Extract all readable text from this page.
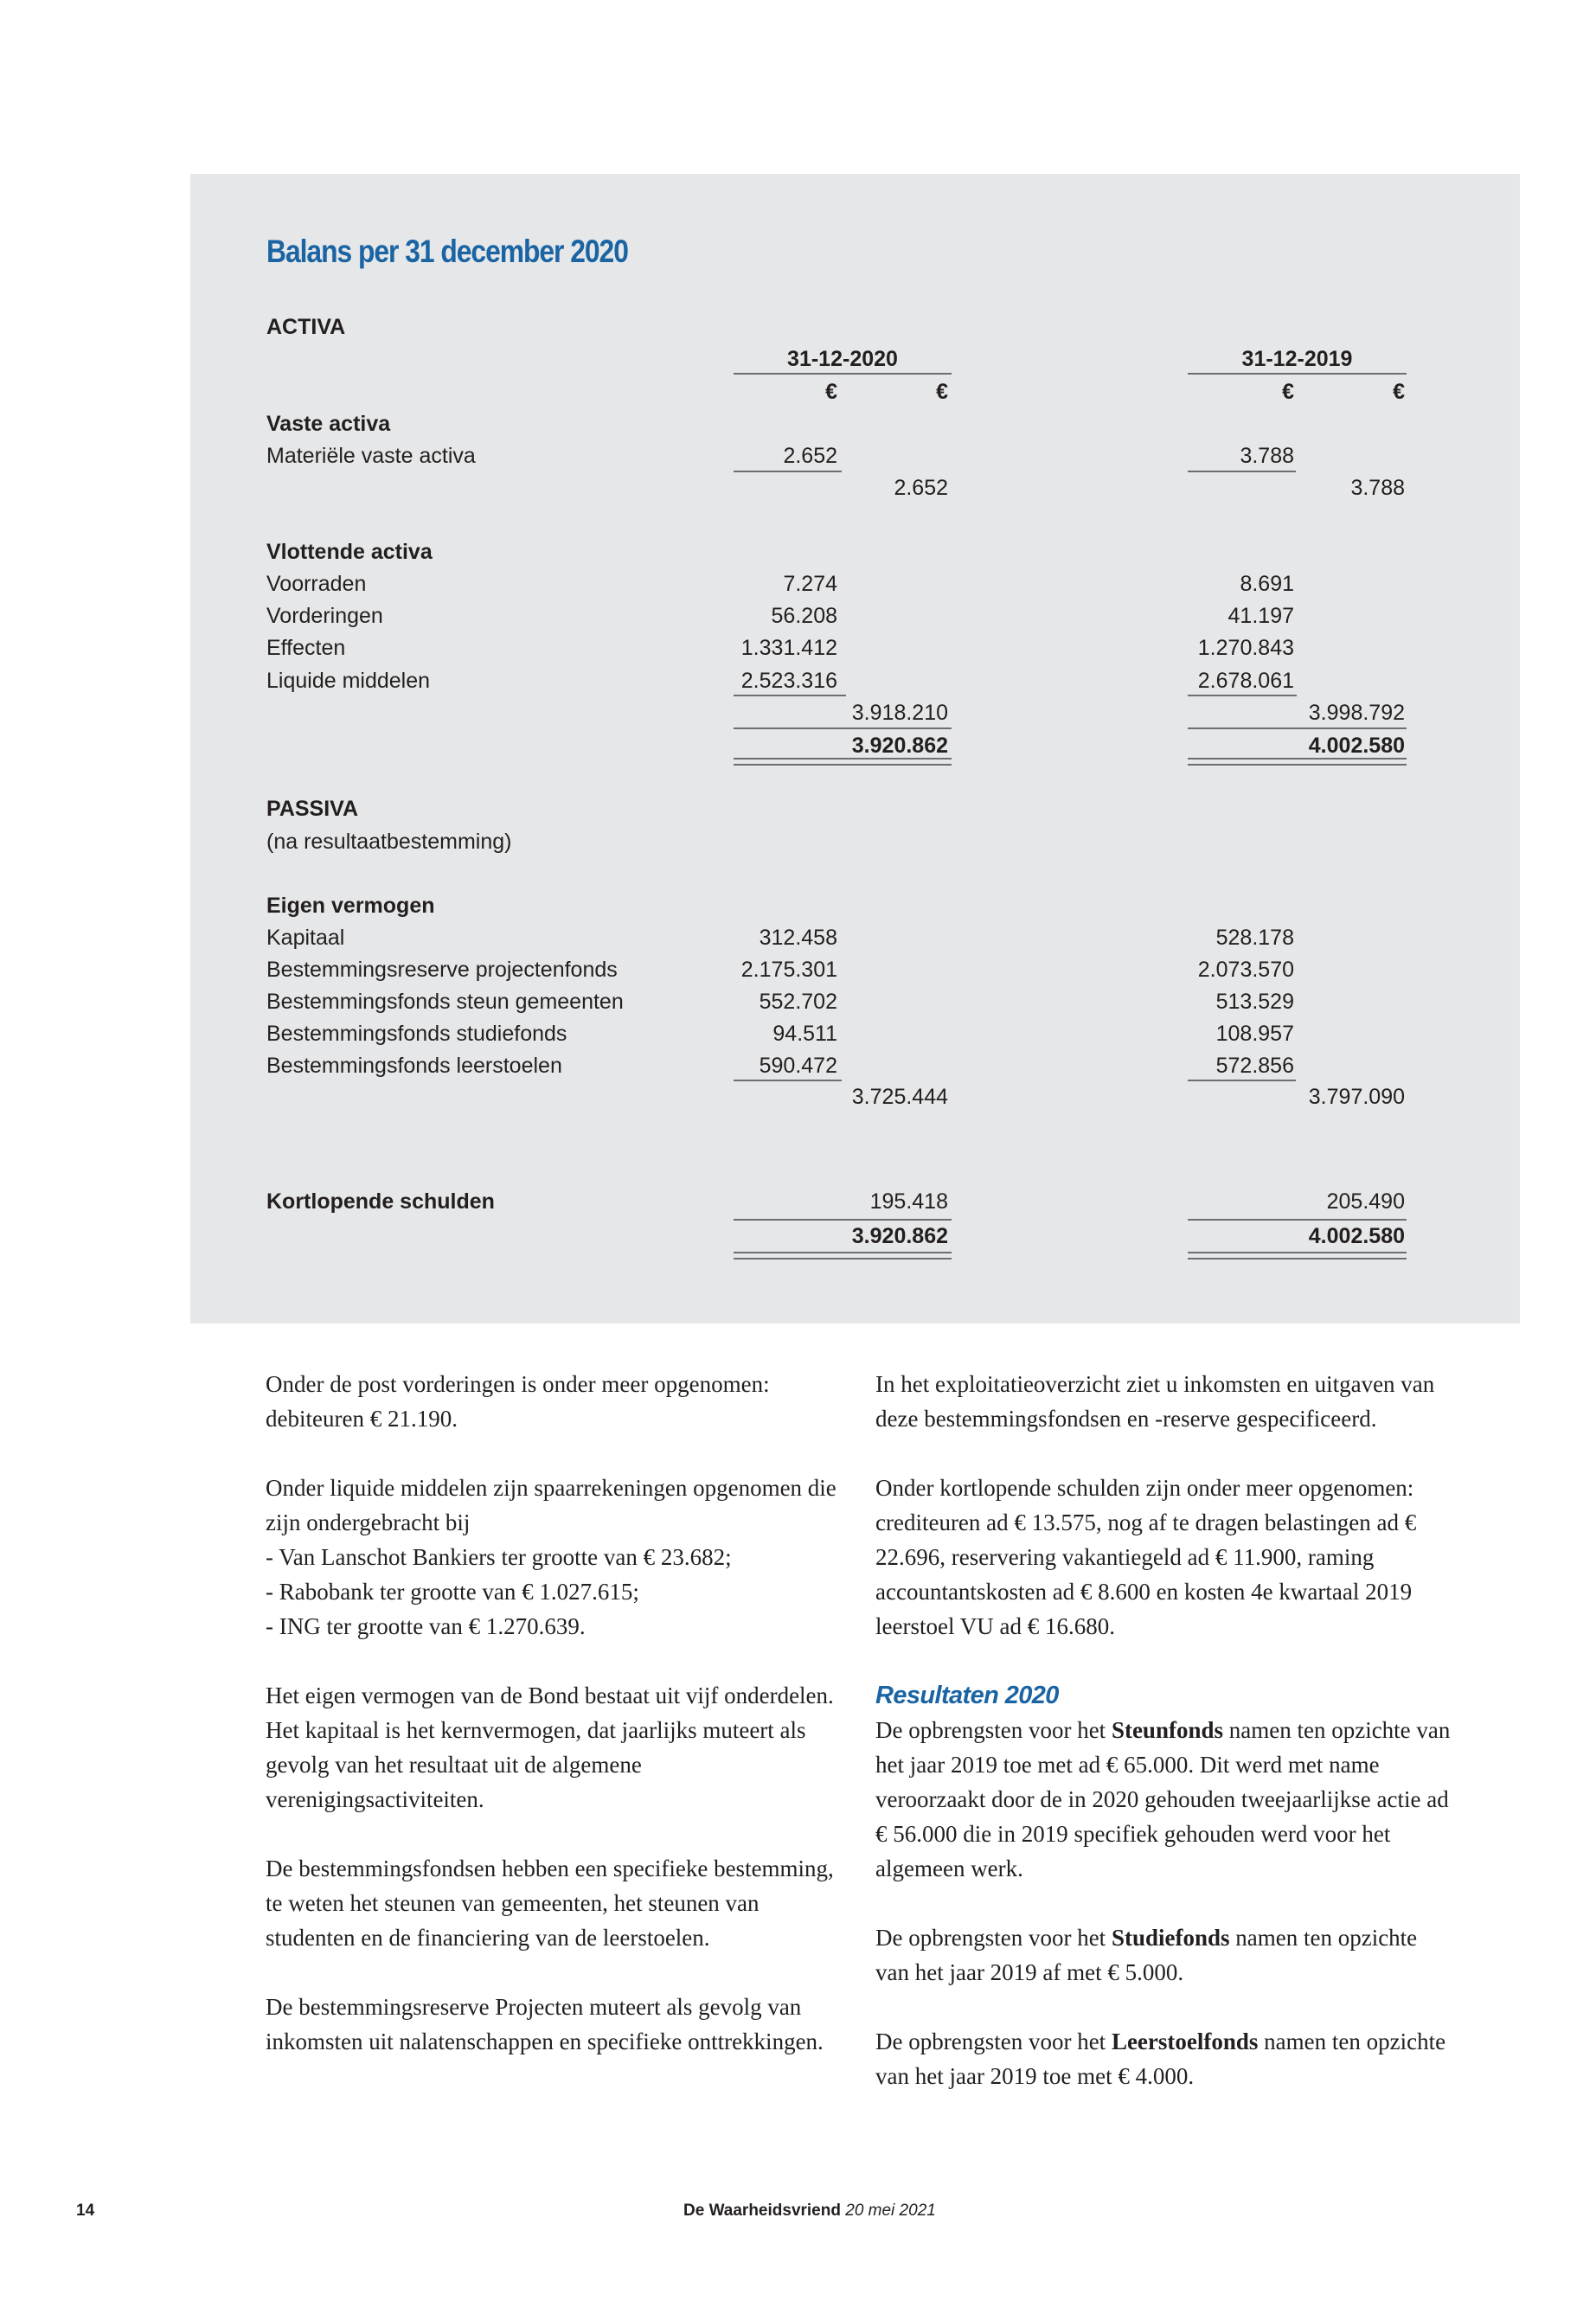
Balans per 31 december 2020
ACTIVA
31-12-2020	31-12-2019
€	€	€	€
Vaste activa
Materiële vaste activa	2.652	3.788
2.652	3.788
Vlottende activa
Voorraden	7.274	8.691
Vorderingen	56.208	41.197
Effecten	1.331.412	1.270.843
Liquide middelen	2.523.316	2.678.061
3.918.210	3.998.792
3.920.862	4.002.580
PASSIVA
(na resultaatbestemming)
Eigen vermogen
Kapitaal	312.458	528.178
Bestemmingsreserve projectenfonds	2.175.301	2.073.570
Bestemmingsfonds steun gemeenten	552.702	513.529
Bestemmingsfonds studiefonds	94.511	108.957
Bestemmingsfonds leerstoelen	590.472	572.856
3.725.444	3.797.090
Kortlopende schulden	195.418	205.490
3.920.862	4.002.580

Onder de post vorderingen is onder meer opgenomen: debiteuren € 21.190.

Onder liquide middelen zijn spaarrekeningen opgenomen die zijn ondergebracht bij
- Van Lanschot Bankiers ter grootte van € 23.682;
- Rabobank ter grootte van € 1.027.615;
- ING ter grootte van € 1.270.639.

Het eigen vermogen van de Bond bestaat uit vijf onderdelen. Het kapitaal is het kernvermogen, dat jaarlijks muteert als gevolg van het resultaat uit de algemene verenigingsactiviteiten.

De bestemmingsfondsen hebben een specifieke bestemming, te weten het steunen van gemeenten, het steunen van studenten en de financiering van de leerstoelen.

De bestemmingsreserve Projecten muteert als gevolg van inkomsten uit nalatenschappen en specifieke onttrekkingen.

In het exploitatieoverzicht ziet u inkomsten en uitgaven van deze bestemmingsfondsen en -reserve gespecificeerd.

Onder kortlopende schulden zijn onder meer opgenomen: crediteuren ad € 13.575, nog af te dragen belastingen ad € 22.696, reservering vakantiegeld ad € 11.900, raming accountantskosten ad € 8.600 en kosten 4e kwartaal 2019 leerstoel VU ad € 16.680.

Resultaten 2020

De opbrengsten voor het Steunfonds namen ten opzichte van het jaar 2019 toe met ad € 65.000. Dit werd met name veroorzaakt door de in 2020 gehouden tweejaarlijkse actie ad € 56.000 die in 2019 specifiek gehouden werd voor het algemeen werk.

De opbrengsten voor het Studiefonds namen ten opzichte van het jaar 2019 af met € 5.000.

De opbrengsten voor het Leerstoelfonds namen ten opzichte van het jaar 2019 toe met € 4.000.

14	De Waarheidsvriend 20 mei 2021
